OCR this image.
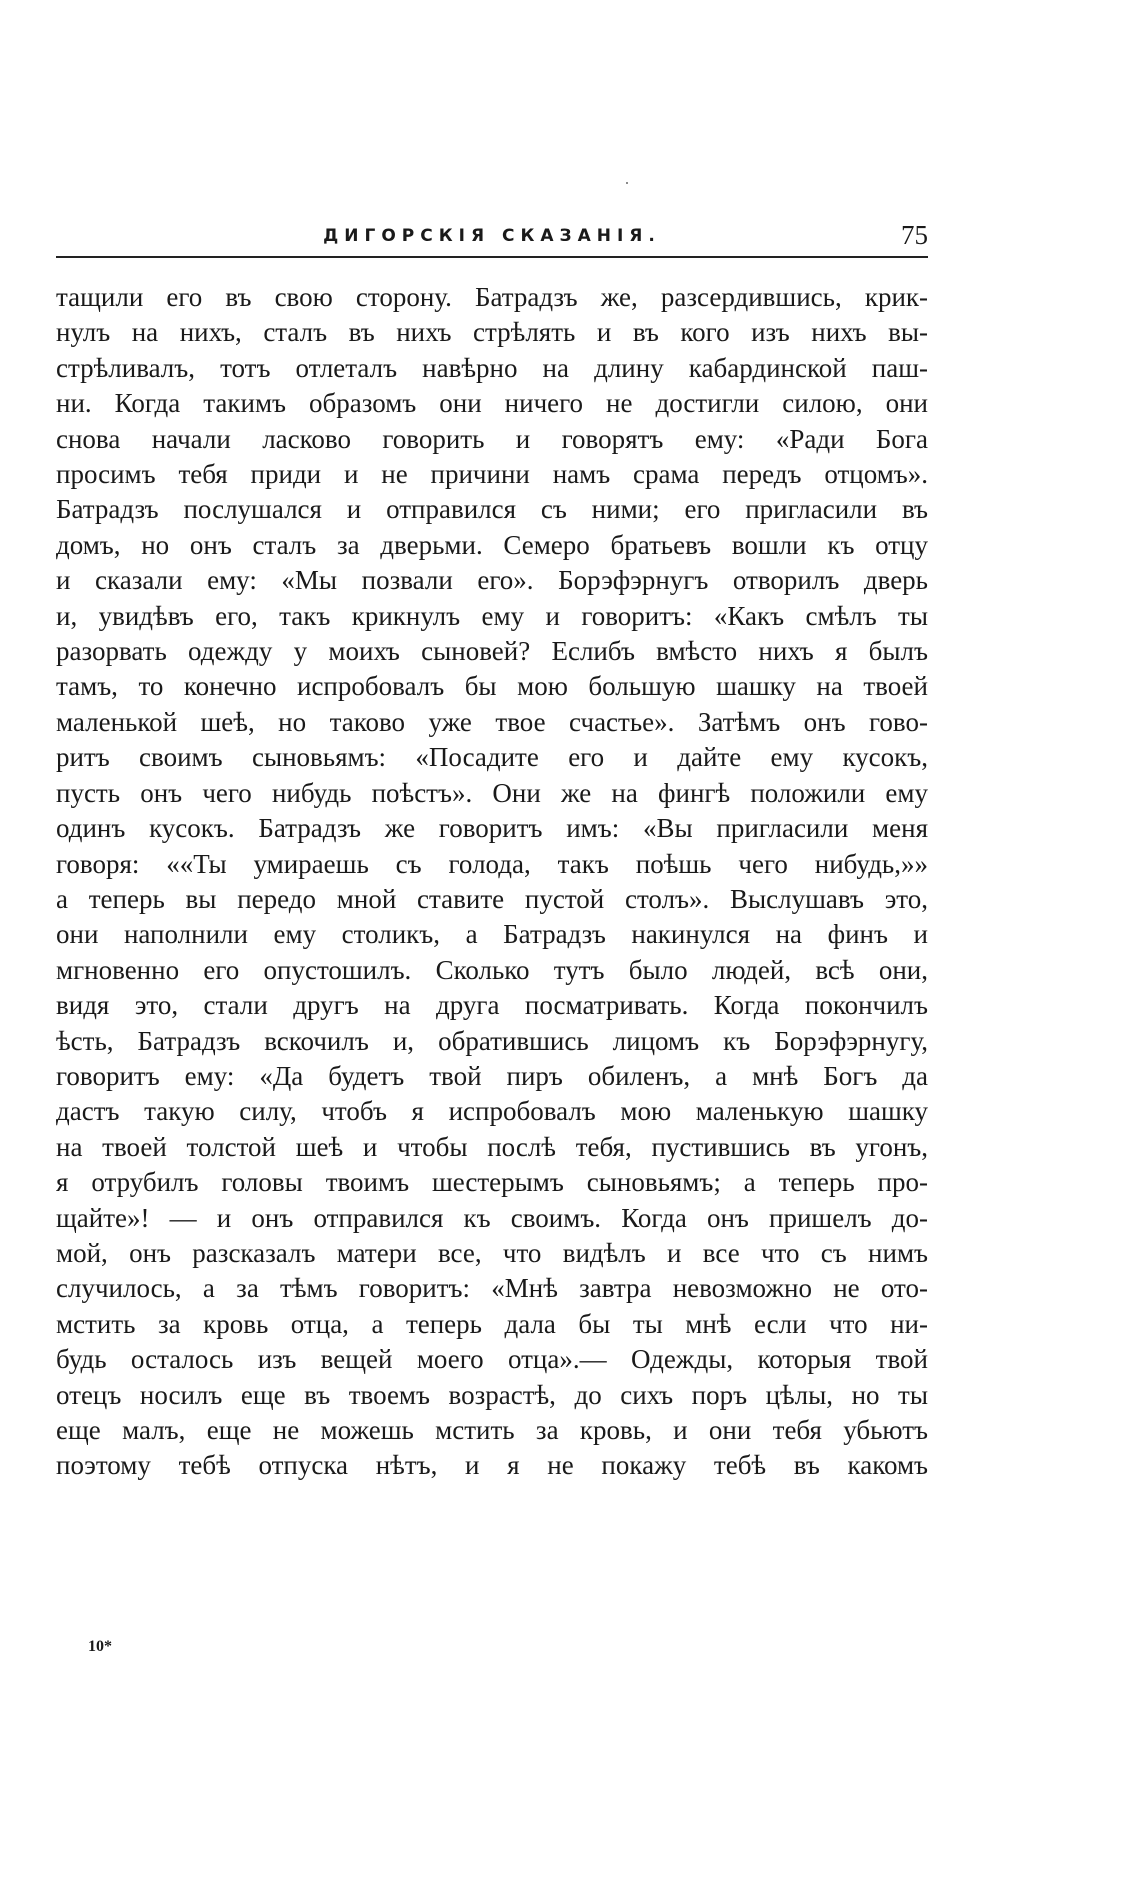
ДИГОРСКІЯ СКАЗАНІЯ.	75
тащили его въ свою сторону. Батрадзъ же, разсердившись, крик-
нулъ на нихъ, сталъ въ нихъ стрѣлять и въ кого изъ нихъ вы-
стрѣливалъ, тотъ отлеталъ навѣрно на длину кабардинской паш-
ни. Когда такимъ образомъ они ничего не достигли силою, они
снова начали ласково говорить и говорятъ ему: «Ради Бога
просимъ тебя приди и не причини намъ срама передъ отцомъ».
Батрадзъ послушался и отправился съ ними; его пригласили въ
домъ, но онъ сталъ за дверьми. Семеро братьевъ вошли къ отцу
и сказали ему: «Мы позвали его». Борэфэрнугъ отворилъ дверь
и, увидѣвъ его, такъ крикнулъ ему и говоритъ: «Какъ смѣлъ ты
разорвать одежду у моихъ сыновей? Еслибъ вмѣсто нихъ я былъ
тамъ, то конечно испробовалъ бы мою большую шашку на твоей
маленькой шеѣ, но таково уже твое счастье». Затѣмъ онъ гово-
ритъ своимъ сыновьямъ: «Посадите его и дайте ему кусокъ,
пусть онъ чего нибудь поѣстъ». Они же на фингѣ положили ему
одинъ кусокъ. Батрадзъ же говоритъ имъ: «Вы пригласили меня
говоря: ««Ты умираешь съ голода, такъ поѣшь чего нибудь,»»
а теперь вы передо мной ставите пустой столъ». Выслушавъ это,
они наполнили ему столикъ, а Батрадзъ накинулся на финъ и
мгновенно его опустошилъ. Сколько тутъ было людей, всѣ они,
видя это, стали другъ на друга посматривать. Когда покончилъ
ѣсть, Батрадзъ вскочилъ и, обратившись лицомъ къ Борэфэрнугу,
говоритъ ему: «Да будетъ твой пиръ обиленъ, а мнѣ Богъ да
дастъ такую силу, чтобъ я испробовалъ мою маленькую шашку
на твоей толстой шеѣ и чтобы послѣ тебя, пустившись въ угонъ,
я отрубилъ головы твоимъ шестерымъ сыновьямъ; а теперь про-
щайте»! — и онъ отправился къ своимъ. Когда онъ пришелъ до-
мой, онъ разсказалъ матери все, что видѣлъ и все что съ нимъ
случилось, а за тѣмъ говоритъ: «Мнѣ завтра невозможно не ото-
мстить за кровь отца, а теперь дала бы ты мнѣ если что ни-
будь осталось изъ вещей моего отца».— Одежды, которыя твой
отецъ носилъ еще въ твоемъ возрастѣ, до сихъ поръ цѣлы, но ты
еще малъ, еще не можешь мстить за кровь, и они тебя убьютъ
поэтому тебѣ отпуска нѣтъ, и я не покажу тебѣ въ какомъ
10*
